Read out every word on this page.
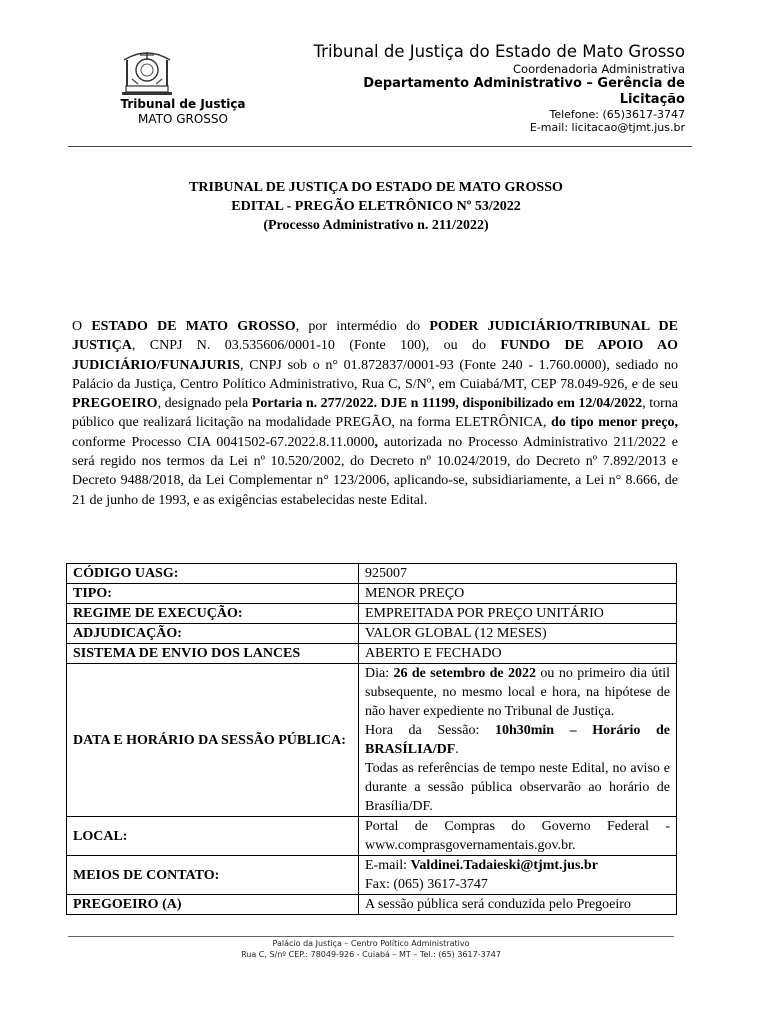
Tribunal de Justiça
MATO GROSSO
Tribunal de Justiça do Estado de Mato Grosso
Coordenadoria Administrativa
Departamento Administrativo – Gerência de
Licitação
Telefone: (65)3617-3747
E-mail: licitacao@tjmt.jus.br
TRIBUNAL DE JUSTIÇA DO ESTADO DE MATO GROSSO
EDITAL - PREGÃO ELETRÔNICO Nº 53/2022
(Processo Administrativo n. 211/2022)

O ESTADO DE MATO GROSSO, por intermédio do PODER JUDICIÁRIO/TRIBUNAL DE JUSTIÇA, CNPJ N. 03.535606/0001-10 (Fonte 100), ou do FUNDO DE APOIO AO JUDICIÁRIO/FUNAJURIS, CNPJ sob o n° 01.872837/0001-93 (Fonte 240 - 1.760.0000), sediado no Palácio da Justiça, Centro Político Administrativo, Rua C, S/Nº, em Cuiabá/MT, CEP 78.049-926, e de seu PREGOEIRO, designado pela Portaria n. 277/2022. DJE n 11199, disponibilizado em 12/04/2022, torna público que realizará licitação na modalidade PREGÃO, na forma ELETRÔNICA, do tipo menor preço, conforme Processo CIA 0041502-67.2022.8.11.0000, autorizada no Processo Administrativo 211/2022 e será regido nos termos da Lei nº 10.520/2002, do Decreto nº 10.024/2019, do Decreto nº 7.892/2013 e Decreto 9488/2018, da Lei Complementar n° 123/2006, aplicando-se, subsidiariamente, a Lei n° 8.666, de 21 de junho de 1993, e as exigências estabelecidas neste Edital.

CÓDIGO UASG:	925007
TIPO:	MENOR PREÇO
REGIME DE EXECUÇÃO:	EMPREITADA POR PREÇO UNITÁRIO
ADJUDICAÇÃO:	VALOR GLOBAL (12 MESES)
SISTEMA DE ENVIO DOS LANCES	ABERTO E FECHADO
DATA E HORÁRIO DA SESSÃO PÚBLICA:	Dia: 26 de setembro de 2022 ou no primeiro dia útil subsequente, no mesmo local e hora, na hipótese de não haver expediente no Tribunal de Justiça.
Hora da Sessão: 10h30min – Horário de BRASÍLIA/DF.
Todas as referências de tempo neste Edital, no aviso e durante a sessão pública observarão ao horário de Brasília/DF.

LOCAL:	Portal de Compras do Governo Federal - www.comprasgovernamentais.gov.br.
MEIOS DE CONTATO:	E-mail: Valdinei.Tadaieski@tjmt.jus.br
Fax: (065) 3617-3747

PREGOEIRO (A)	A sessão pública será conduzida pelo Pregoeiro
Palácio da Justiça – Centro Político Administrativo
Rua C, S/nº CEP.: 78049-926 - Cuiabá – MT – Tel.: (65) 3617-3747
